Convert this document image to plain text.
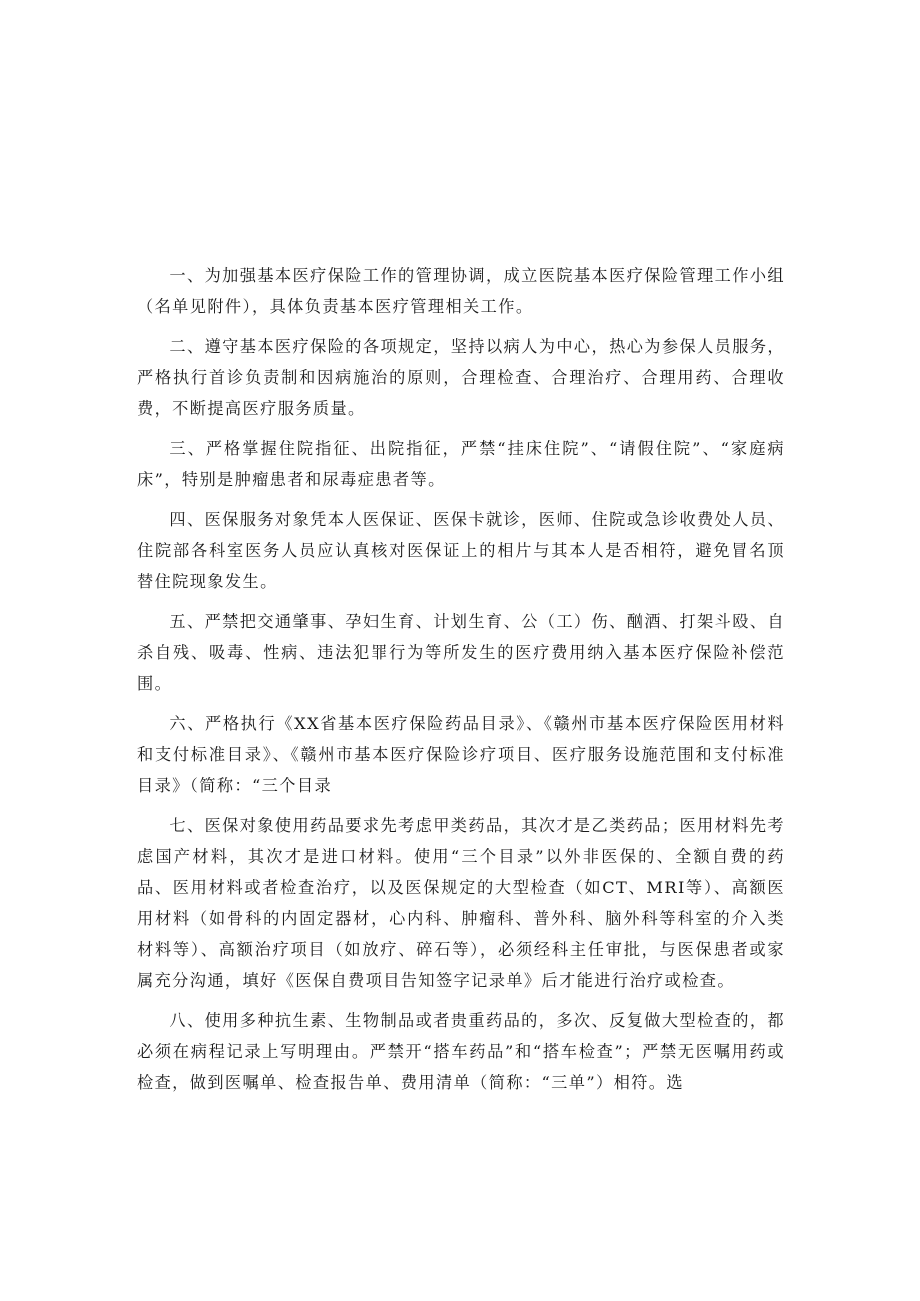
一、为加强基本医疗保险工作的管理协调，成立医院基本医疗保险管理工作小组（名单见附件），具体负责基本医疗管理相关工作。

二、遵守基本医疗保险的各项规定，坚持以病人为中心，热心为参保人员服务，严格执行首诊负责制和因病施治的原则，合理检查、合理治疗、合理用药、合理收费，不断提高医疗服务质量。

三、严格掌握住院指征、出院指征，严禁“挂床住院”、“请假住院”、“家庭病床”，特别是肿瘤患者和尿毒症患者等。

四、医保服务对象凭本人医保证、医保卡就诊，医师、住院或急诊收费处人员、住院部各科室医务人员应认真核对医保证上的相片与其本人是否相符，避免冒名顶替住院现象发生。

五、严禁把交通肇事、孕妇生育、计划生育、公（工）伤、酗酒、打架斗殴、自杀自残、吸毒、性病、违法犯罪行为等所发生的医疗费用纳入基本医疗保险补偿范围。

六、严格执行《XX省基本医疗保险药品目录》、《赣州市基本医疗保险医用材料和支付标准目录》、《赣州市基本医疗保险诊疗项目、医疗服务设施范围和支付标准目录》（简称：“三个目录

七、医保对象使用药品要求先考虑甲类药品，其次才是乙类药品；医用材料先考虑国产材料，其次才是进口材料。使用“三个目录”以外非医保的、全额自费的药品、医用材料或者检查治疗，以及医保规定的大型检查（如CT、MRI等）、高额医用材料（如骨科的内固定器材，心内科、肿瘤科、普外科、脑外科等科室的介入类材料等）、高额治疗项目（如放疗、碎石等），必须经科主任审批，与医保患者或家属充分沟通，填好《医保自费项目告知签字记录单》后才能进行治疗或检查。

八、使用多种抗生素、生物制品或者贵重药品的，多次、反复做大型检查的，都必须在病程记录上写明理由。严禁开“搭车药品”和“搭车检查”；严禁无医嘱用药或检查，做到医嘱单、检查报告单、费用清单（简称：“三单”）相符。选
